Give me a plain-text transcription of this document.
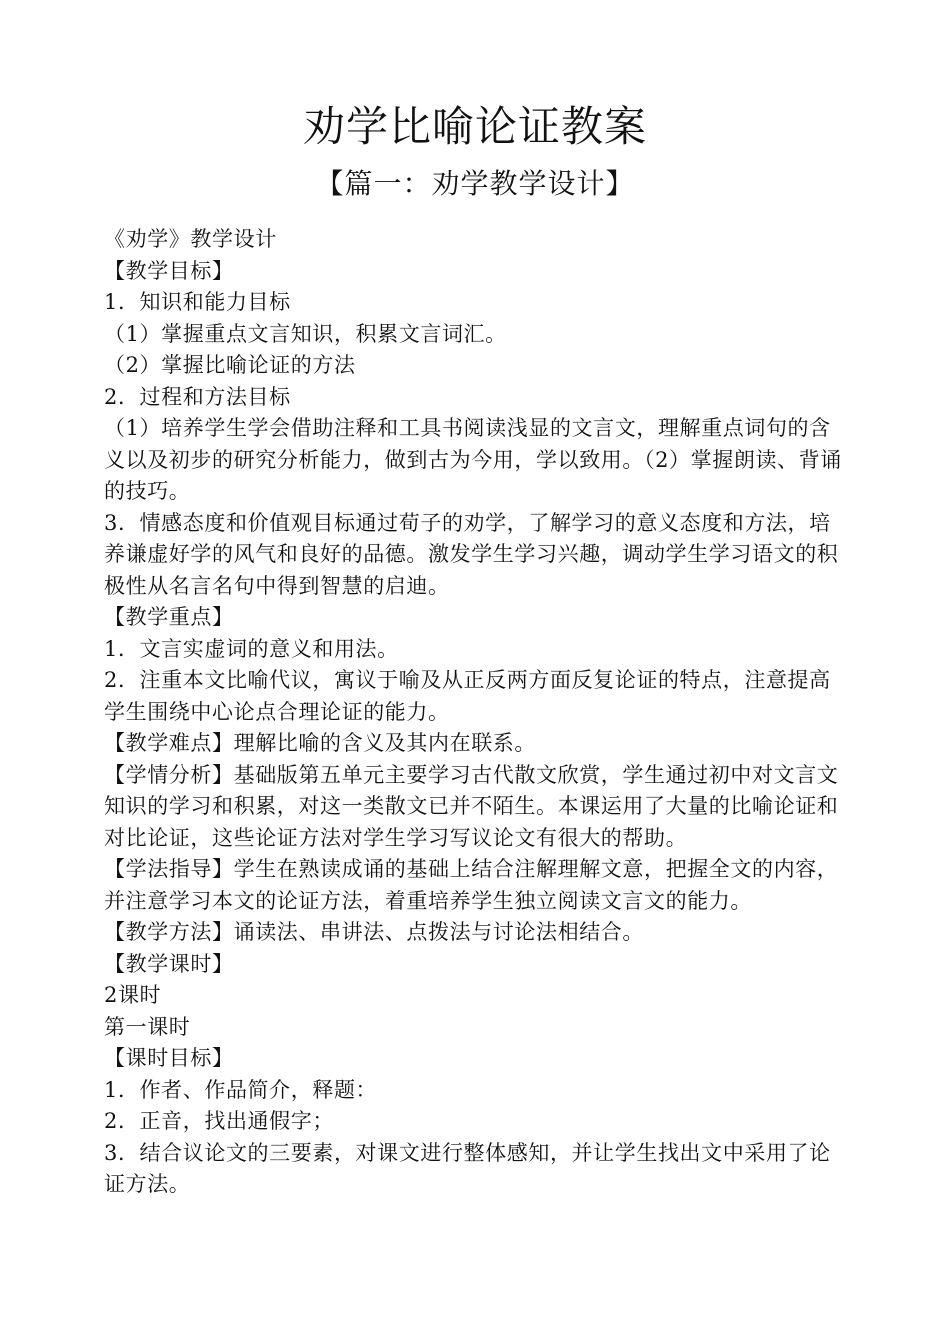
劝学比喻论证教案
【篇一：劝学教学设计】

《劝学》教学设计

【教学目标】

1．知识和能力目标

（1）掌握重点文言知识，积累文言词汇。

（2）掌握比喻论证的方法

2．过程和方法目标

（1）培养学生学会借助注释和工具书阅读浅显的文言文，理解重点词句的含义以及初步的研究分析能力，做到古为今用，学以致用。（2）掌握朗读、背诵的技巧。

3．情感态度和价值观目标通过荀子的劝学，了解学习的意义态度和方法，培养谦虚好学的风气和良好的品德。激发学生学习兴趣，调动学生学习语文的积极性从名言名句中得到智慧的启迪。

【教学重点】

1．文言实虚词的意义和用法。

2．注重本文比喻代议，寓议于喻及从正反两方面反复论证的特点，注意提高学生围绕中心论点合理论证的能力。

【教学难点】理解比喻的含义及其内在联系。

【学情分析】基础版第五单元主要学习古代散文欣赏，学生通过初中对文言文知识的学习和积累，对这一类散文已并不陌生。本课运用了大量的比喻论证和对比论证，这些论证方法对学生学习写议论文有很大的帮助。

【学法指导】学生在熟读成诵的基础上结合注解理解文意，把握全文的内容，并注意学习本文的论证方法，着重培养学生独立阅读文言文的能力。

【教学方法】诵读法、串讲法、点拨法与讨论法相结合。

【教学课时】

2课时

第一课时

【课时目标】

1．作者、作品简介，释题：

2．正音，找出通假字；

3．结合议论文的三要素，对课文进行整体感知，并让学生找出文中采用了论证方法。
